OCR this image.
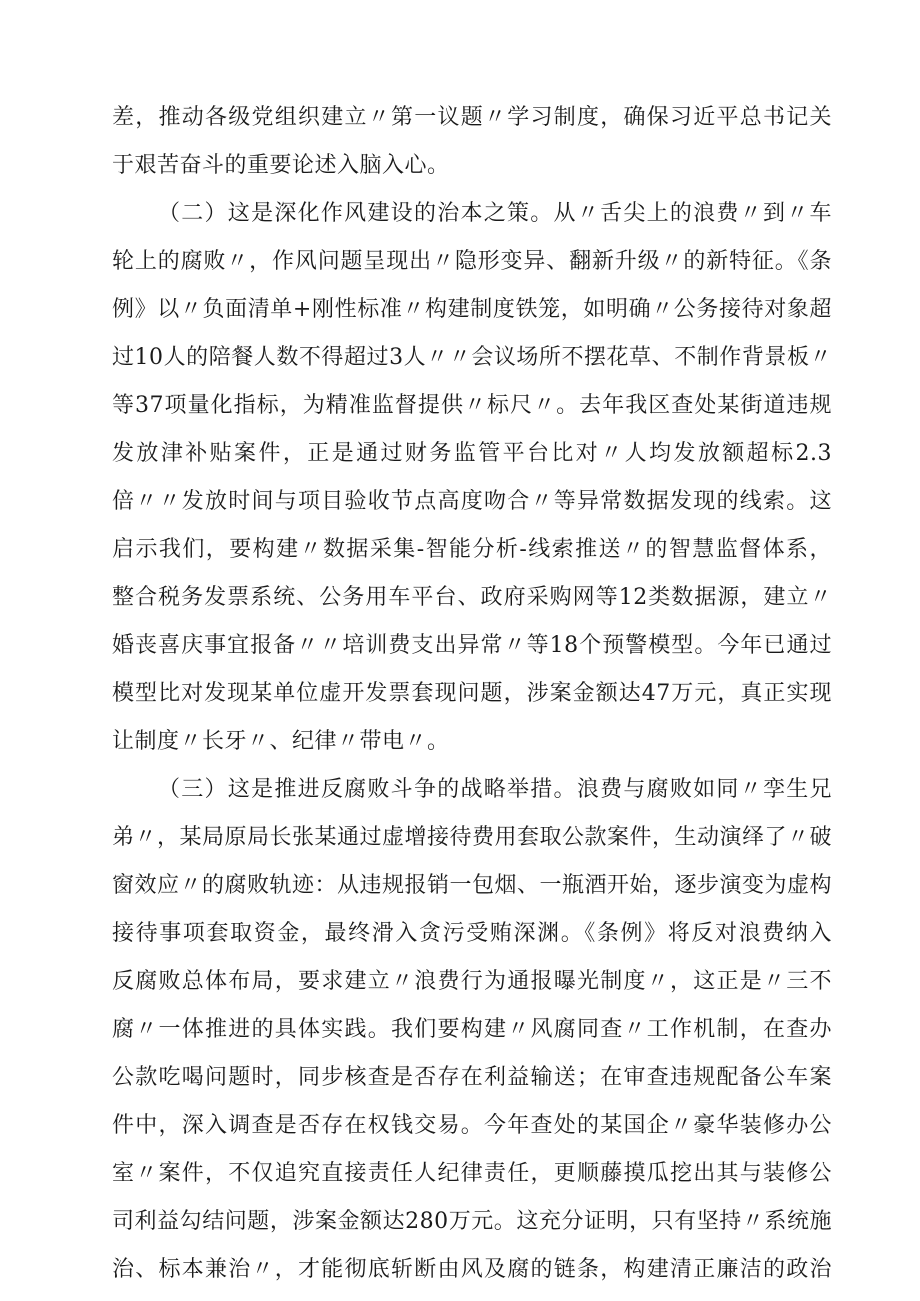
差，推动各级党组织建立〃第一议题〃学习制度，确保习近平总书记关
于艰苦奋斗的重要论述入脑入心。
（二）这是深化作风建设的治本之策。从〃舌尖上的浪费〃到〃车
轮上的腐败〃，作风问题呈现出〃隐形变异、翻新升级〃的新特征。《条
例》以〃负面清单+刚性标准〃构建制度铁笼，如明确〃公务接待对象超
过10人的陪餐人数不得超过3人〃〃会议场所不摆花草、不制作背景板〃
等37项量化指标，为精准监督提供〃标尺〃。去年我区查处某街道违规
发放津补贴案件，正是通过财务监管平台比对〃人均发放额超标2.3
倍〃〃发放时间与项目验收节点高度吻合〃等异常数据发现的线索。这
启示我们，要构建〃数据采集-智能分析-线索推送〃的智慧监督体系，
整合税务发票系统、公务用车平台、政府采购网等12类数据源，建立〃
婚丧喜庆事宜报备〃〃培训费支出异常〃等18个预警模型。今年已通过
模型比对发现某单位虚开发票套现问题，涉案金额达47万元，真正实现
让制度〃长牙〃、纪律〃带电〃。
（三）这是推进反腐败斗争的战略举措。浪费与腐败如同〃孪生兄
弟〃，某局原局长张某通过虚增接待费用套取公款案件，生动演绎了〃破
窗效应〃的腐败轨迹：从违规报销一包烟、一瓶酒开始，逐步演变为虚构
接待事项套取资金，最终滑入贪污受贿深渊。《条例》将反对浪费纳入
反腐败总体布局，要求建立〃浪费行为通报曝光制度〃，这正是〃三不
腐〃一体推进的具体实践。我们要构建〃风腐同查〃工作机制，在查办
公款吃喝问题时，同步核查是否存在利益输送；在审查违规配备公车案
件中，深入调查是否存在权钱交易。今年查处的某国企〃豪华装修办公
室〃案件，不仅追究直接责任人纪律责任，更顺藤摸瓜挖出其与装修公
司利益勾结问题，涉案金额达280万元。这充分证明，只有坚持〃系统施
治、标本兼治〃，才能彻底斩断由风及腐的链条，构建清正廉洁的政治
